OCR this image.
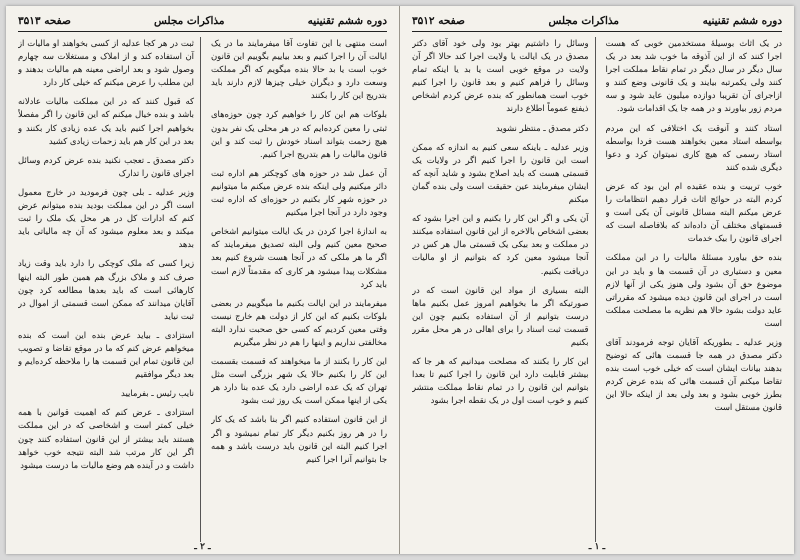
دوره ششم تقنينيه
مذاکرات مجلس
صفحه ۳۵۱۳

است منتهی با این تفاوت آقا میفرمایند ما در یک ایالت آن را اجرا کنیم و بعد بیاییم بگوییم این قانون خوب است یا بد حالا بنده میگویم که اگر مملکت وسعت دارد و دیگران خیلی چیزها لازم دارند باید بتدریج این کار را بکنند

بلوکات هم این کار را خواهیم کرد چون حوزه‌های ثبتی را معین کرده‌ایم که در هر محلی یک نفر بدون هیچ زحمت بتواند اسناد خودش را ثبت کند و این قانون مالیات را هم بتدریج اجرا کنیم.

آن عمل شد در حوزه های کوچکتر هم اداره ثبت دائر میکنیم ولی اینکه بنده عرض میکنم ما میتوانیم در حوزه شهر کار بکنیم در حوزه‌ای که اداره ثبت وجود دارد در آنجا اجرا میکنیم

به اندازهٔ اجرا کردن در یک ایالت میتوانیم اشخاص صحیح معین کنیم ولی البته تصدیق میفرمایند که اگر ما هر ملکی که در آنجا هست شروع کنیم بعد مشکلات پیدا میشود هر کاری که مقدمتاً لازم است باید کرد

میفرمایند در این ایالت بکنیم ما میگوییم در بعضی بلوکات بکنیم که این کار از دولت هم خارج نیست وقتی معین کردیم که کسی حق صحبت ندارد البته مخالفتی نداریم و اینها را هم در نظر میگیریم

این کار را بکنند از ما میخواهند که قسمت بقسمت این کار را بکنیم حالا یک شهر بزرگی است مثل تهران که یک عده اراضی دارد یک عده بنا دارد هر یکی از اینها ممکن است یک روز ثبت بشود

از این قانون استفاده کنیم اگر بنا باشد که یک کار را در هر روز بکنیم دیگر کار تمام نمیشود و اگر اجرا کنیم البته این قانون باید درست باشد و همه جا بتوانیم آنرا اجرا کنیم

ثبت در هر کجا عدلیه از کسی بخواهند او مالیات از آن استفاده کند و از املاک و مستغلات سه چهارم وصول شود و بعد اراضی معینه هم مالیات بدهند و این مطلب را عرض میکنم که خیلی کار دارد

که قبول کنند که در این مملکت مالیات عادلانه باشد و بنده خیال میکنم که این قانون را اگر مفصلاً بخواهیم اجرا کنیم باید یک عده زیادی کار بکنند و بعد در این کار هم باید زحمات زیادی کشید

دکتر مصدق ـ تعجب نکنید بنده عرض کردم وسائل اجرای قانون را تدارک

وزیر عدلیه ـ بلی چون فرمودید در خارج معمول است اگر در این مملکت بودید بنده میتوانم عرض کنم که ادارات کل در هر محل یک ملک را ثبت میکند و بعد معلوم میشود که آن چه مالیاتی باید بدهد

زیرا کسی که ملک کوچکی را دارد باید وقت زیاد صرف کند و ملاک بزرگ هم همین طور البته اینها کارهائی است که باید بعدها مطالعه کرد چون آقایان میدانند که ممکن است قسمتی از اموال در ثبت نیاید

استزادی ـ بیاید عرض بنده این است که بنده میخواهم عرض کنم که ما در موقع تقاضا و تصویب این قانون تمام این قسمت ها را ملاحظه کرده‌ایم و بعد دیگر موافقیم

نایب رئیس ـ بفرمایید

استزادی ـ عرض کنم که اهمیت قوانین با همه خیلی کمتر است و اشخاصی که در این مملکت هستند باید بیشتر از این قانون استفاده کنند چون اگر این کار مرتب شد البته نتیجه خوب خواهد داشت و در آینده هم وضع مالیات ما درست میشود

ـ ۲ ـ
دوره ششم تقنينيه
مذاکرات مجلس
صفحه ۳۵۱۲

در یک اثاث بوسیلهٔ مستخدمین خوبی که هست اجرا کنند که از این آذوقه ما خوب شد بعد در یک سال دیگر در سال دیگر در تمام نقاط مملکت اجرا کنند ولی یکمرتبه بیایند و یک قانونی وضع کنند و ازاجرای آن تقریبا دوازده میلیون عاید شود و سه مردم زور بیاورند و در همه جا یک اقدامات شود.

استاد کنند و آنوقت یک اختلافی که این مردم بواسطه استاد معین بخواهند هست فردا بواسطه استاد رسمی که هیچ کاری نمیتوان کرد و دعوا دیگری شده کنند

خوب تربیت و بنده عقیده ام این بود که عرض کردم البته در حوائج اثاث قرار دهیم انتظامات را عرض میکنم البته مسائل قانونی آن یکی است و قسمتهای مختلف آن داده‌اند که بلافاصله است که اجرای قانون را بیک خدمات

بنده حق بیاورد مسئلهٔ مالیات را در این مملکت معین و دستیاری در آن قسمت ها و باید در این موضوع حق آن بشود ولی هنوز یکی از آنها لازم است در اجرای این قانون دیده میشود که مقرراتی عاید دولت بشود حالا هم نظریه ما مصلحت مملکت است

وزیر عدلیه ـ بطوریکه آقایان توجه فرمودند آقای دکتر مصدق در همه جا قسمت هائی که توضیح بدهند بیانات ایشان است که خیلی خوب است بنده تقاضا میکنم آن قسمت هائی که بنده عرض کردم بطرز خوبی بشود و بعد ولی بعد از اینکه حالا این قانون مستقل است

وسائل را داشتیم بهتر بود ولی خود آقای دکتر مصدق در یک ایالت یا ولایت اجرا کند حالا اگر آن ولایت در موقع خوبی است یا بد یا اینکه تمام وسائل را فراهم کنیم و بعد قانون را اجرا کنیم خوب است همانطور که بنده عرض کردم اشخاص ذیفنع عموماً اطلاع دارند

دکتر مصدق ـ منتظر نشوید

وزیر عدلیه ـ باینکه سعی کنیم به اندازه که ممکن است این قانون را اجرا کنیم اگر در ولایات یک قسمتی هست که باید اصلاح بشود و شاید آنچه که ایشان میفرمایند عین حقیقت است ولی بنده گمان میکنم

آن یکی و اگر این کار را بکنیم و این اجرا بشود که بعضی اشخاص بالاخره از این قانون استفاده میکنند در مملکت و بعد بیکی یک قسمتی مال هر کس در آنجا میشود معین کرد که بتوانیم از او مالیات دریافت بکنیم.

البته بسیاری از مواد این قانون است که در صورتیکه اگر ما بخواهیم امروز عمل بکنیم ماها درست بتوانیم از آن استفاده بکنیم چون این قسمت ثبت اسناد را برای اهالی در هر محل مقرر بکنیم

این کار را بکنند که مصلحت میدانیم که هر جا که بیشتر قابلیت دارد این قانون را اجرا کنیم تا بعدا بتوانیم این قانون را در تمام نقاط مملکت منتشر کنیم و خوب است اول در یک نقطه اجرا بشود

ـ ۱ ـ
